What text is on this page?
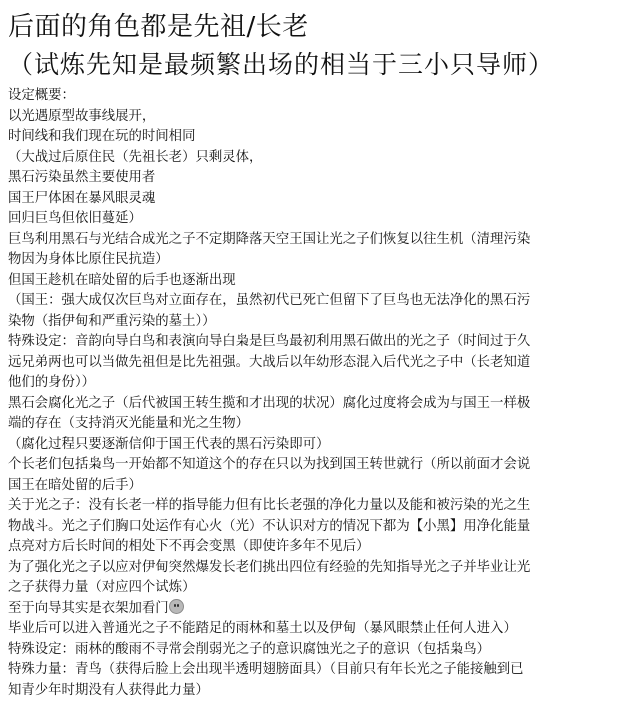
后面的角色都是先祖/长老
（试炼先知是最频繁出场的相当于三小只导师）
设定概要：
以光遇原型故事线展开，
时间线和我们现在玩的时间相同
（大战过后原住民（先祖长老）只剩灵体，
黑石污染虽然主要使用者
国王尸体困在暴风眼灵魂
回归巨鸟但依旧蔓延）
巨鸟利用黑石与光结合成光之子不定期降落天空王国让光之子们恢复以往生机（清理污染
物因为身体比原住民抗造）
但国王趁机在暗处留的后手也逐渐出现
（国王：强大成仅次巨鸟对立面存在，虽然初代已死亡但留下了巨鸟也无法净化的黑石污
染物（指伊甸和严重污染的墓土））
特殊设定：音韵向导白鸟和表演向导白枭是巨鸟最初利用黑石做出的光之子（时间过于久
远兄弟两也可以当做先祖但是比先祖强。大战后以年幼形态混入后代光之子中（长老知道
他们的身份））
黑石会腐化光之子（后代被国王转生揽和才出现的状况）腐化过度将会成为与国王一样极
端的存在（支持消灭光能量和光之生物）
（腐化过程只要逐渐信仰于国王代表的黑石污染即可）
个长老们包括枭鸟一开始都不知道这个的存在只以为找到国王转世就行（所以前面才会说
国王在暗处留的后手）
关于光之子：没有长老一样的指导能力但有比长老强的净化力量以及能和被污染的光之生
物战斗。光之子们胸口处运作有心火（光）不认识对方的情况下都为【小黑】用净化能量
点亮对方后长时间的相处下不再会变黑（即使许多年不见后）
为了强化光之子以应对伊甸突然爆发长老们挑出四位有经验的先知指导光之子并毕业让光
之子获得力量（对应四个试炼）
至于向导其实是衣架加看门
毕业后可以进入普通光之子不能踏足的雨林和墓土以及伊甸（暴风眼禁止任何人进入）
特殊设定：雨林的酸雨不寻常会削弱光之子的意识腐蚀光之子的意识（包括枭鸟）
特殊力量：青鸟（获得后脸上会出现半透明翅膀面具）（目前只有年长光之子能接触到已
知青少年时期没有人获得此力量）
